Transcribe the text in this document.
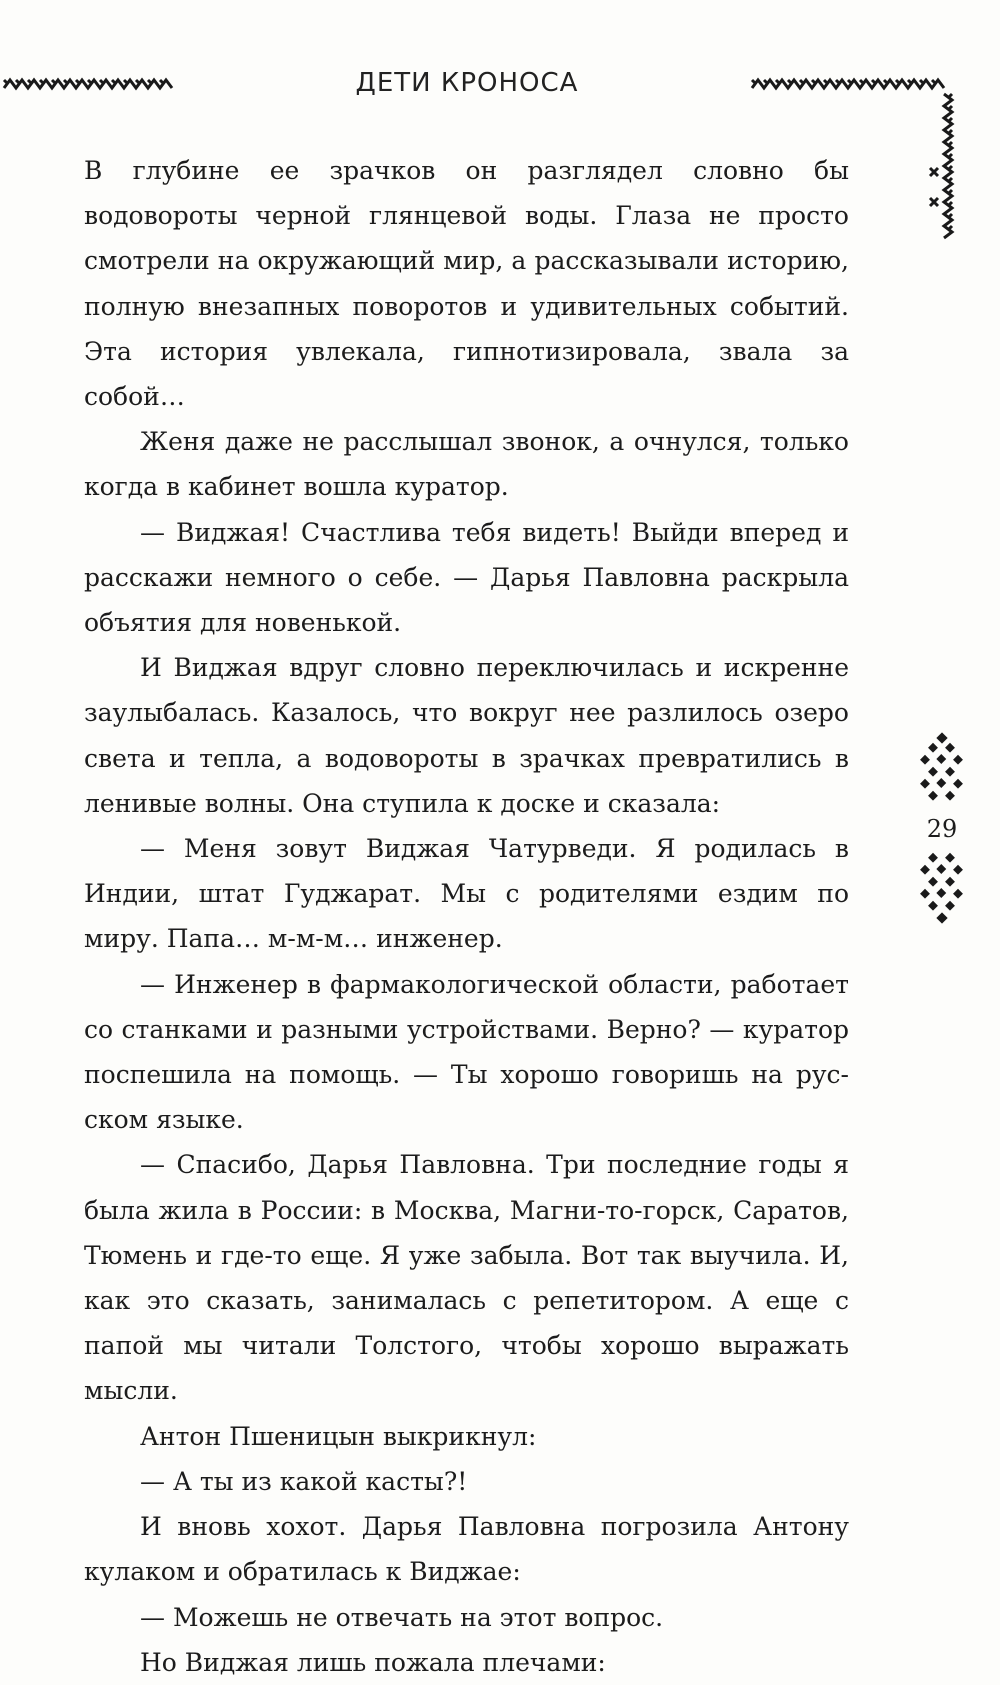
ДЕТИ КРОНОСА

В глубине ее зрачков он разглядел словно бы водовороты черной глянцевой воды. Глаза не просто смотрели на окружающий мир, а рассказывали историю, полную внезапных поворотов и удивительных событий. Эта история увлекала, гипнотизировала, звала за собой…

Женя даже не расслышал звонок, а очнулся, только когда в кабинет вошла куратор.

— Виджая! Счастлива тебя видеть! Выйди вперед и расскажи немного о себе. — Дарья Павловна раскрыла объятия для новенькой.

И Виджая вдруг словно переключилась и искренне заулыбалась. Казалось, что вокруг нее разлилось озеро света и тепла, а водовороты в зрачках превратились в ленивые волны. Она ступила к доске и сказала:

— Меня зовут Виджая Чатурведи. Я родилась в Индии, штат Гуджарат. Мы с родителями ездим по миру. Папа… м-м-м… инженер.

— Инженер в фармакологической области, работает со станками и разными устройствами. Верно? — куратор поспешила на помощь. — Ты хорошо говоришь на русском языке.

— Спасибо, Дарья Павловна. Три последние годы я была жила в России: в Москва, Магни-то-горск, Саратов, Тюмень и где-то еще. Я уже забыла. Вот так выучила. И, как это сказать, занималась с репетитором. А еще с папой мы читали Толстого, чтобы хорошо выражать мысли.

Антон Пшеницын выкрикнул:

— А ты из какой касты?!

И вновь хохот. Дарья Павловна погрозила Антону кулаком и обратилась к Виджае:

— Можешь не отвечать на этот вопрос.

Но Виджая лишь пожала плечами:

29
